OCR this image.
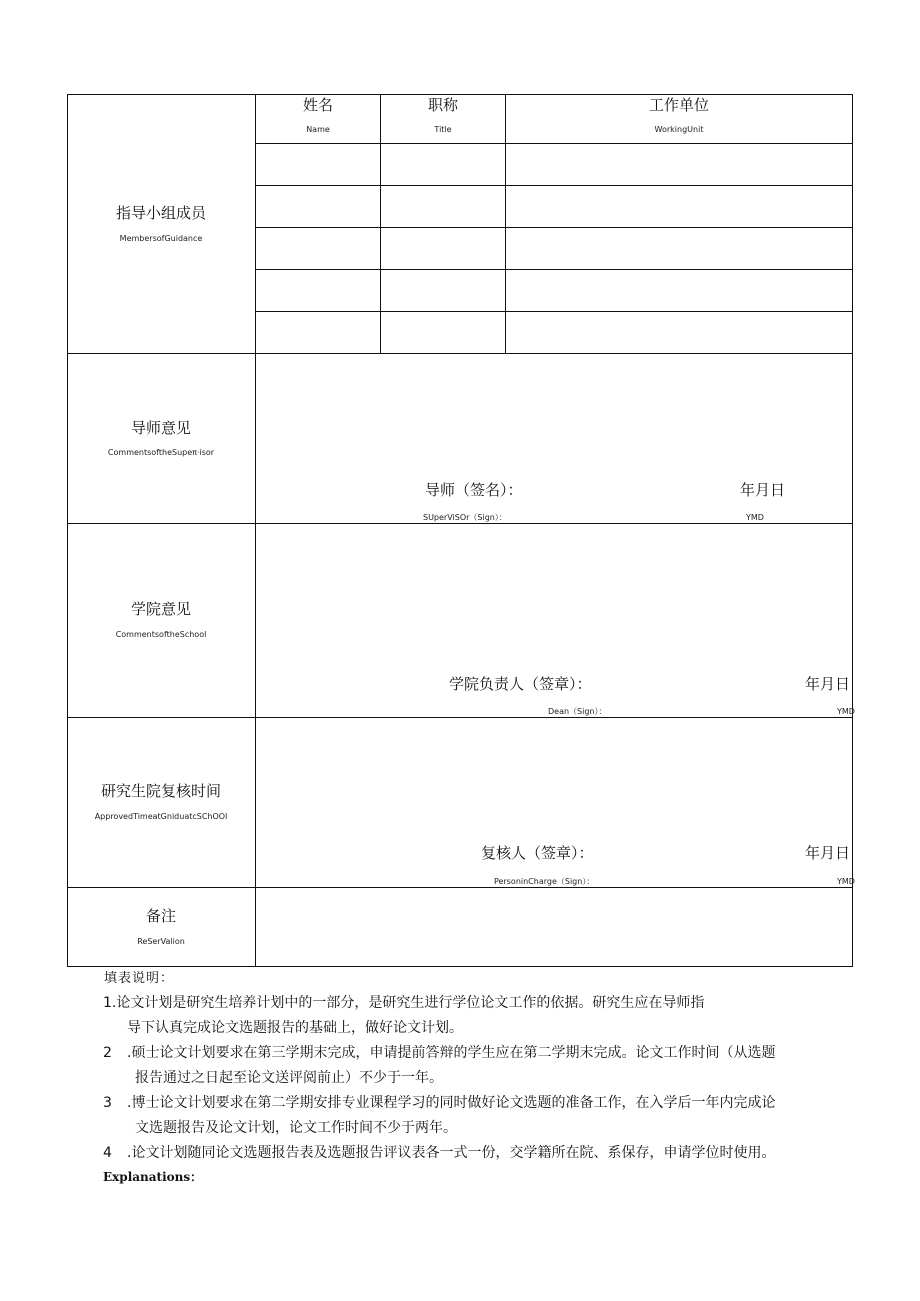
姓名
Name
职称
Title
工作单位
WorkingUnit
指导小组成员
MembersofGuidance
导师意见
CommentsoftheSupeπ·isor
导师（签名）：
SUperViSOr（Sign）：
年月日
YMD
学院意见
CommentsoftheSchool
学院负责人（签章）：
Dean（Sign）：
年月日
YMD
研究生院复核时间
ApprovedTimeatGniduatcSChOOl
复核人（签章）：
PersoninCharge（Sign）：
年月日
YMD
备注
ReSerValion
填表说明：
1.论文计划是研究生培养计划中的一部分，是研究生进行学位论文工作的依据。研究生应在导师指
导下认真完成论文选题报告的基础上，做好论文计划。
2 .硕士论文计划要求在第三学期末完成，申请提前答辩的学生应在第二学期末完成。论文工作时间（从选题
报告通过之日起至论文送评阅前止）不少于一年。
3 .博士论文计划要求在第二学期安排专业课程学习的同时做好论文选题的准备工作，在入学后一年内完成论
文选题报告及论文计划，论文工作时间不少于两年。
4 .论文计划随同论文选题报告表及选题报告评议表各一式一份，交学籍所在院、系保存，申请学位时使用。
Explanations：
